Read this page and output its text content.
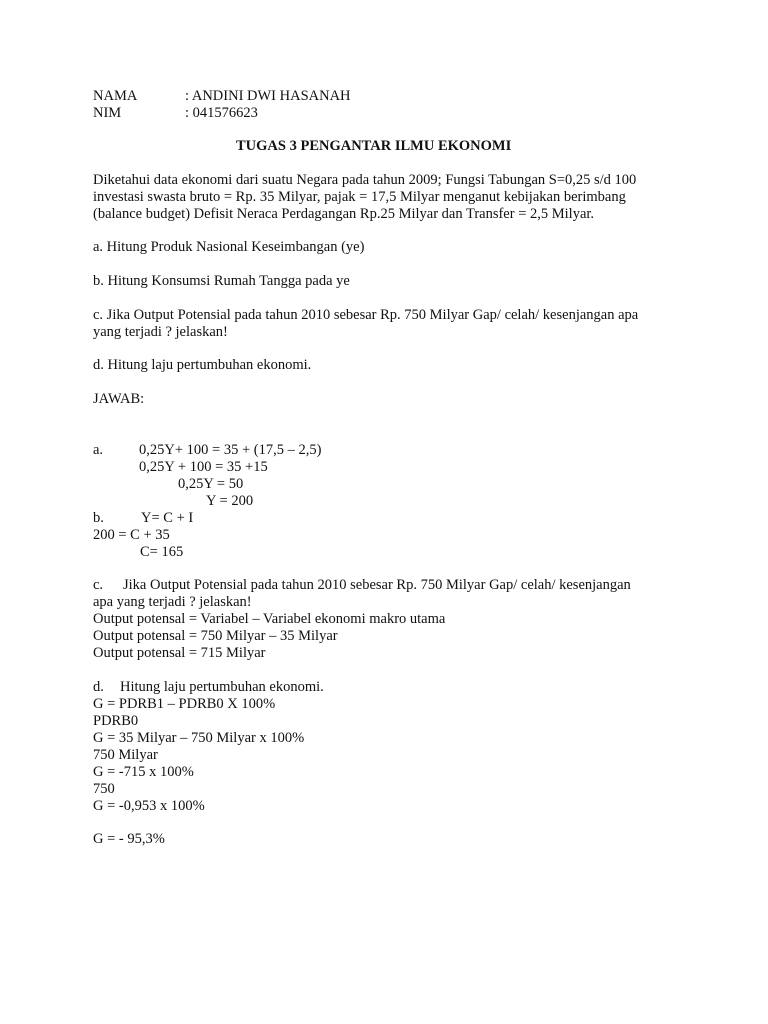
NAMA	: ANDINI DWI HASANAH
NIM	: 041576623
TUGAS 3 PENGANTAR ILMU EKONOMI
Diketahui data ekonomi dari suatu Negara pada tahun 2009; Fungsi Tabungan S=0,25 s/d 100
investasi swasta bruto = Rp. 35 Milyar, pajak = 17,5 Milyar menganut kebijakan berimbang
(balance budget) Defisit Neraca Perdagangan Rp.25 Milyar dan Transfer = 2,5 Milyar.
a. Hitung Produk Nasional Keseimbangan (ye)
b. Hitung Konsumsi Rumah Tangga pada ye
c. Jika Output Potensial pada tahun 2010 sebesar Rp. 750 Milyar Gap/ celah/ kesenjangan apa
yang terjadi ? jelaskan!
d. Hitung laju pertumbuhan ekonomi.
JAWAB:
a. 0,25Y+ 100 = 35 + (17,5 – 2,5)
0,25Y + 100 = 35 +15
0,25Y = 50
Y = 200
b.	Y= C + I
200 = C + 35
C= 165
c. Jika Output Potensial pada tahun 2010 sebesar Rp. 750 Milyar Gap/ celah/ kesenjangan
apa yang terjadi ? jelaskan!
Output potensal = Variabel – Variabel ekonomi makro utama
Output potensal = 750 Milyar – 35 Milyar
Output potensal = 715 Milyar
d. Hitung laju pertumbuhan ekonomi.
G = PDRB1 – PDRB0 X 100%
PDRB0
G = 35 Milyar – 750 Milyar x 100%
750 Milyar
G = -715 x 100%
750
G = -0,953 x 100%
G = - 95,3%
